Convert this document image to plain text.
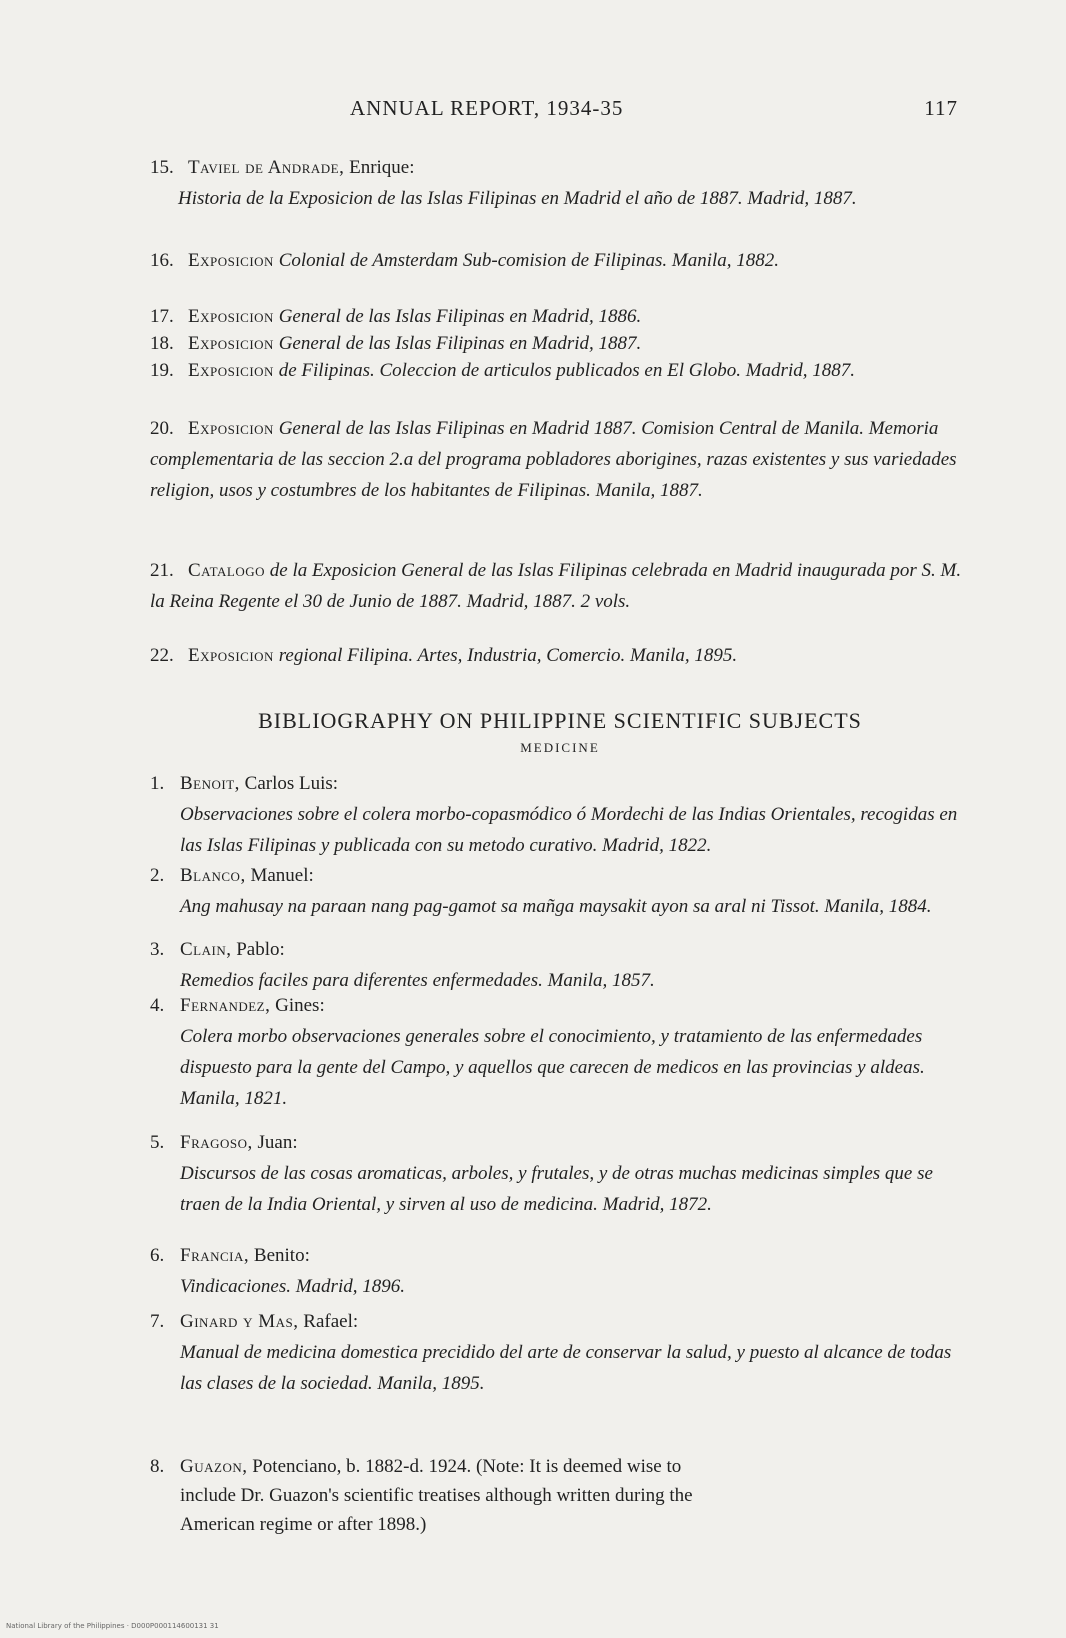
ANNUAL REPORT, 1934-35	117
15. Taviel de Andrade, Enrique:
Historia de la Exposicion de las Islas Filipinas en Madrid el año de 1887. Madrid, 1887.
16. Exposicion Colonial de Amsterdam Sub-comision de Filipinas. Manila, 1882.
17. Exposicion General de las Islas Filipinas en Madrid, 1886.
18. Exposicion General de las Islas Filipinas en Madrid, 1887.
19. Exposicion de Filipinas. Coleccion de articulos publicados en El Globo. Madrid, 1887.
20. Exposicion General de las Islas Filipinas en Madrid 1887. Comision Central de Manila. Memoria complementaria de las seccion 2.a del programa pobladores aborigines, razas existentes y sus variedades religion, usos y costumbres de los habitantes de Filipinas. Manila, 1887.
21. Catalogo de la Exposicion General de las Islas Filipinas celebrada en Madrid inaugurada por S. M. la Reina Regente el 30 de Junio de 1887. Madrid, 1887. 2 vols.
22. Exposicion regional Filipina. Artes, Industria, Comercio. Manila, 1895.
BIBLIOGRAPHY ON PHILIPPINE SCIENTIFIC SUBJECTS
MEDICINE
1. Benoit, Carlos Luis:
Observaciones sobre el colera morbo-copasmódico ó Mordechi de las Indias Orientales, recogidas en las Islas Filipinas y publicada con su metodo curativo. Madrid, 1822.
2. Blanco, Manuel:
Ang mahusay na paraan nang pag-gamot sa mañga maysakit ayon sa aral ni Tissot. Manila, 1884.
3. Clain, Pablo:
Remedios faciles para diferentes enfermedades. Manila, 1857.
4. Fernandez, Gines:
Colera morbo observaciones generales sobre el conocimiento, y tratamiento de las enfermedades dispuesto para la gente del Campo, y aquellos que carecen de medicos en las provincias y aldeas. Manila, 1821.
5. Fragoso, Juan:
Discursos de las cosas aromaticas, arboles, y frutales, y de otras muchas medicinas simples que se traen de la India Oriental, y sirven al uso de medicina. Madrid, 1872.
6. Francia, Benito:
Vindicaciones. Madrid, 1896.
7. Ginard y Mas, Rafael:
Manual de medicina domestica precidido del arte de conservar la salud, y puesto al alcance de todas las clases de la sociedad. Manila, 1895.
8. Guazon, Potenciano, b. 1882-d. 1924. (Note: It is deemed wise to
include Dr. Guazon's scientific treatises although written during the
American regime or after 1898.)
National Library of the Philippines · D000P000114600131 31
